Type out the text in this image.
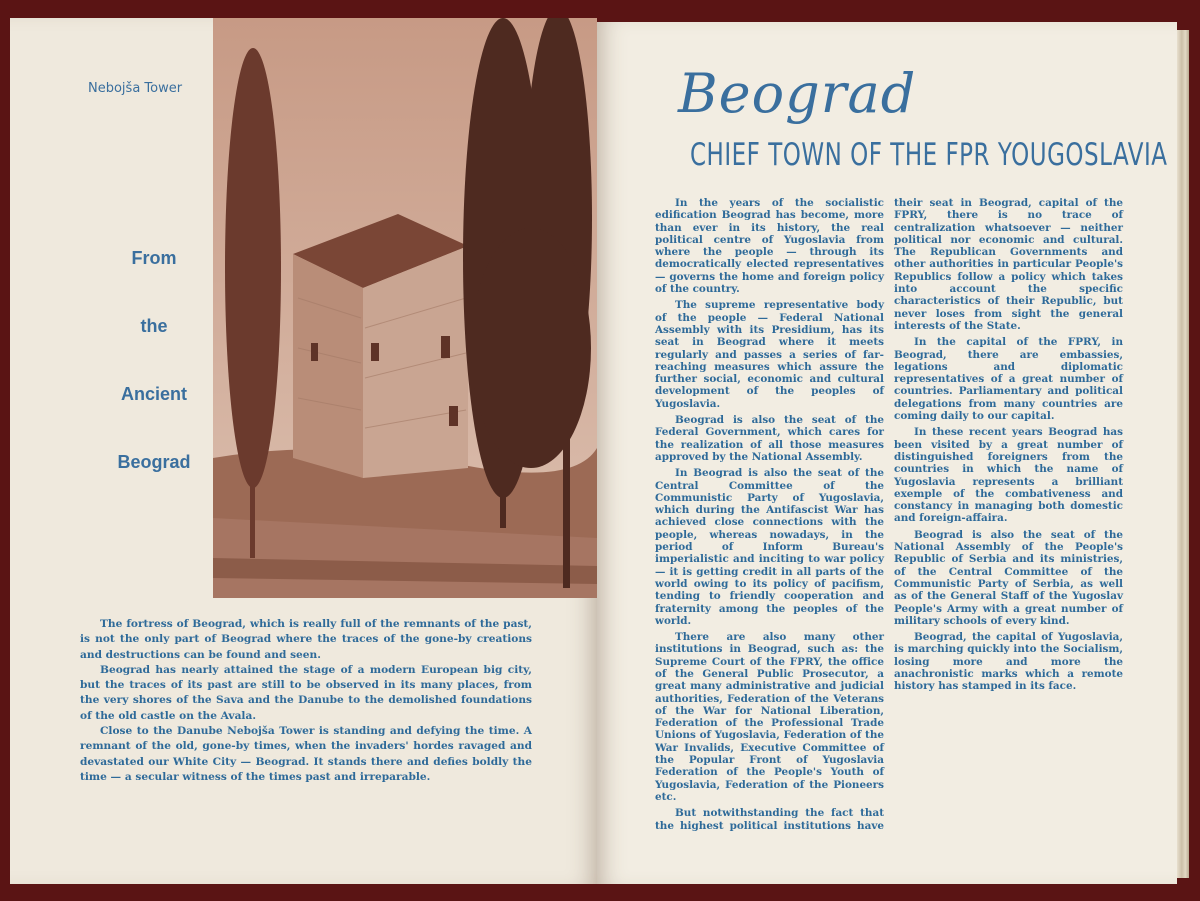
Nebojša Tower
From
the
Ancient
Beograd

The fortress of Beograd, which is really full of the remnants of the past, is not the only part of Beograd where the traces of the gone-by creations and destructions can be found and seen.

Beograd has nearly attained the stage of a modern European big city, but the traces of its past are still to be observed in its many places, from the very shores of the Sava and the Danube to the demolished foundations of the old castle on the Avala.

Close to the Danube Nebojša Tower is standing and defying the time. A remnant of the old, gone-by times, when the invaders' hordes ravaged and devastated our White City — Beograd. It stands there and defies boldly the time — a secular witness of the times past and irreparable.

Beograd
CHIEF TOWN OF THE FPR YOUGOSLAVIA

In the years of the socialistic edification Beograd has become, more than ever in its history, the real political centre of Yugoslavia from where the people — through its democratically elected representatives — governs the home and foreign policy of the country.

The supreme representative body of the people — Federal National Assembly with its Presidium, has its seat in Beograd where it meets regularly and passes a series of far-reaching measures which assure the further social, economic and cultural development of the peoples of Yugoslavia.

Beograd is also the seat of the Federal Government, which cares for the realization of all those measures approved by the National Assembly.

In Beograd is also the seat of the Central Committee of the Communistic Party of Yugoslavia, which during the Antifascist War has achieved close connections with the people, whereas nowadays, in the period of Inform Bureau's imperialistic and inciting to war policy — it is getting credit in all parts of the world owing to its policy of pacifism, tending to friendly cooperation and fraternity among the peoples of the world.

There are also many other institutions in Beograd, such as: the Supreme Court of the FPRY, the office of the General Public Prosecutor, a great many administrative and judicial authorities, Federation of the Veterans of the War for National Liberation, Federation of the Professional Trade Unions of Yugoslavia, Federation of the War Invalids, Executive Committee of the Popular Front of Yugoslavia Federation of the People's Youth of Yugoslavia, Federation of the Pioneers etc.

But notwithstanding the fact that the highest political institutions have their seat in Beograd, capital of the FPRY, there is no trace of centralization whatsoever — neither political nor economic and cultural. The Republican Governments and other authorities in particular People's Republics follow a policy which takes into account the specific characteristics of their Republic, but never loses from sight the general interests of the State.

In the capital of the FPRY, in Beograd, there are embassies, legations and diplomatic representatives of a great number of countries. Parliamentary and political delegations from many countries are coming daily to our capital.

In these recent years Beograd has been visited by a great number of distinguished foreigners from the countries in which the name of Yugoslavia represents a brilliant exemple of the combativeness and constancy in managing both domestic and foreign-affaira.

Beograd is also the seat of the National Assembly of the People's Republic of Serbia and its ministries, of the Central Committee of the Communistic Party of Serbia, as well as of the General Staff of the Yugoslav People's Army with a great number of military schools of every kind.

Beograd, the capital of Yugoslavia, is marching quickly into the Socialism, losing more and more the anachronistic marks which a remote history has stamped in its face.
